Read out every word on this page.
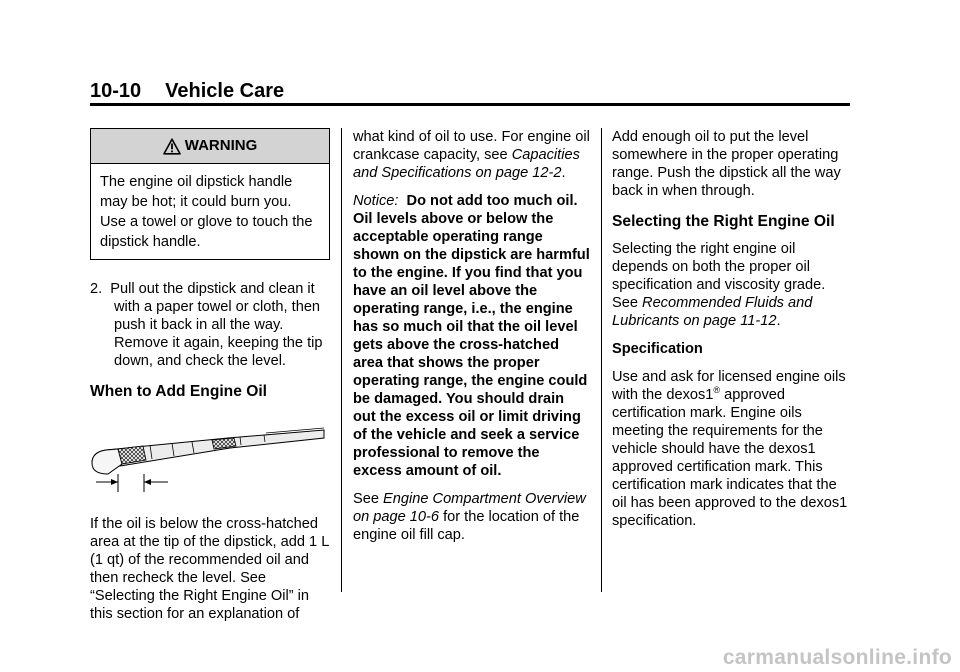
10-10 Vehicle Care
WARNING
The engine oil dipstick handle may be hot; it could burn you. Use a towel or glove to touch the dipstick handle.
2. Pull out the dipstick and clean it with a paper towel or cloth, then push it back in all the way. Remove it again, keeping the tip down, and check the level.
When to Add Engine Oil

If the oil is below the cross-hatched area at the tip of the dipstick, add 1 L (1 qt) of the recommended oil and then recheck the level. See “Selecting the Right Engine Oil” in this section for an explanation of

what kind of oil to use. For engine oil crankcase capacity, see Capacities and Specifications on page 12-2.

Notice: Do not add too much oil. Oil levels above or below the acceptable operating range shown on the dipstick are harmful to the engine. If you find that you have an oil level above the operating range, i.e., the engine has so much oil that the oil level gets above the cross-hatched area that shows the proper operating range, the engine could be damaged. You should drain out the excess oil or limit driving of the vehicle and seek a service professional to remove the excess amount of oil.

See Engine Compartment Overview on page 10-6 for the location of the engine oil fill cap.

Add enough oil to put the level somewhere in the proper operating range. Push the dipstick all the way back in when through.

Selecting the Right Engine Oil

Selecting the right engine oil depends on both the proper oil specification and viscosity grade. See Recommended Fluids and Lubricants on page 11-12.

Specification

Use and ask for licensed engine oils with the dexos1® approved certification mark. Engine oils meeting the requirements for the vehicle should have the dexos1 approved certification mark. This certification mark indicates that the oil has been approved to the dexos1 specification.

carmanualsonline.info
